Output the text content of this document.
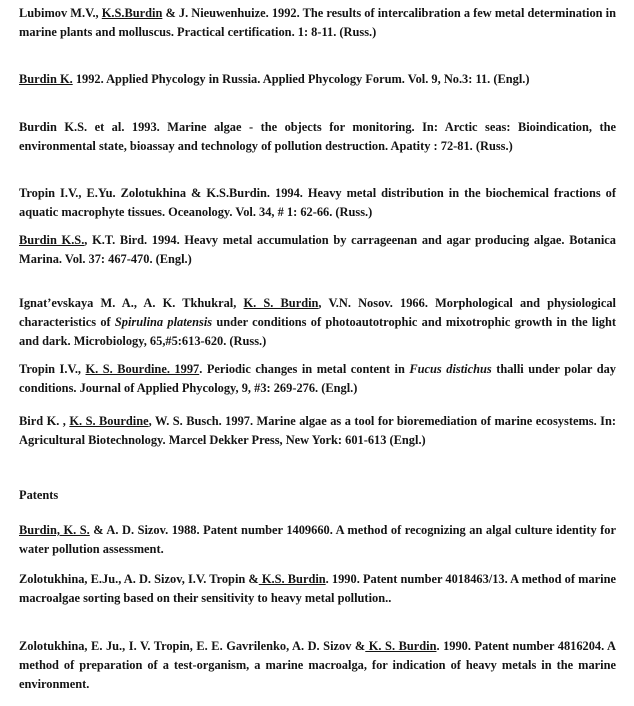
Lubimov M.V., K.S.Burdin & J. Nieuwenhuize. 1992. The results of intercalibration a few metal determination in marine plants and molluscus. Practical certification. 1: 8-11. (Russ.)
Burdin K. 1992. Applied Phycology in Russia. Applied Phycology Forum. Vol. 9, No.3: 11. (Engl.)
Burdin K.S. et al. 1993. Marine algae - the objects for monitoring. In: Arctic seas: Bioindication, the environmental state, bioassay and technology of pollution destruction. Apatity : 72-81. (Russ.)
Tropin I.V., E.Yu. Zolotukhina & K.S.Burdin. 1994. Heavy metal distribution in the biochemical fractions of aquatic macrophyte tissues. Oceanology. Vol. 34, # 1: 62-66. (Russ.)
Burdin K.S., K.T. Bird. 1994. Heavy metal accumulation by carrageenan and agar producing algae. Botanica Marina. Vol. 37: 467-470. (Engl.)
Ignat’evskaya M. A., A. K. Tkhukral, K. S. Burdin, V.N. Nosov. 1966. Morphological and physiological characteristics of Spirulina platensis under conditions of photoautotrophic and mixotrophic growth in the light and dark. Microbiology, 65,#5:613-620. (Russ.)
Tropin I.V., K. S. Bourdine. 1997. Periodic changes in metal content in Fucus distichus thalli under polar day conditions. Journal of Applied Phycology, 9, #3: 269-276. (Engl.)
Bird K. , K. S. Bourdine, W. S. Busch. 1997. Marine algae as a tool for bioremediation of marine ecosystems. In: Agricultural Biotechnology. Marcel Dekker Press, New York: 601-613 (Engl.)
Patents
Burdin, K. S. & A. D. Sizov. 1988. Patent number 1409660. A method of recognizing an algal culture identity for water pollution assessment.
Zolotukhina, E.Ju., A. D. Sizov, I.V. Tropin & K.S. Burdin. 1990. Patent number 4018463/13. A method of marine macroalgae sorting based on their sensitivity to heavy metal pollution..
Zolotukhina, E. Ju., I. V. Tropin, E. E. Gavrilenko, A. D. Sizov & K. S. Burdin. 1990. Patent number 4816204. A method of preparation of a test-organism, a marine macroalga, for indication of heavy metals in the marine environment.
